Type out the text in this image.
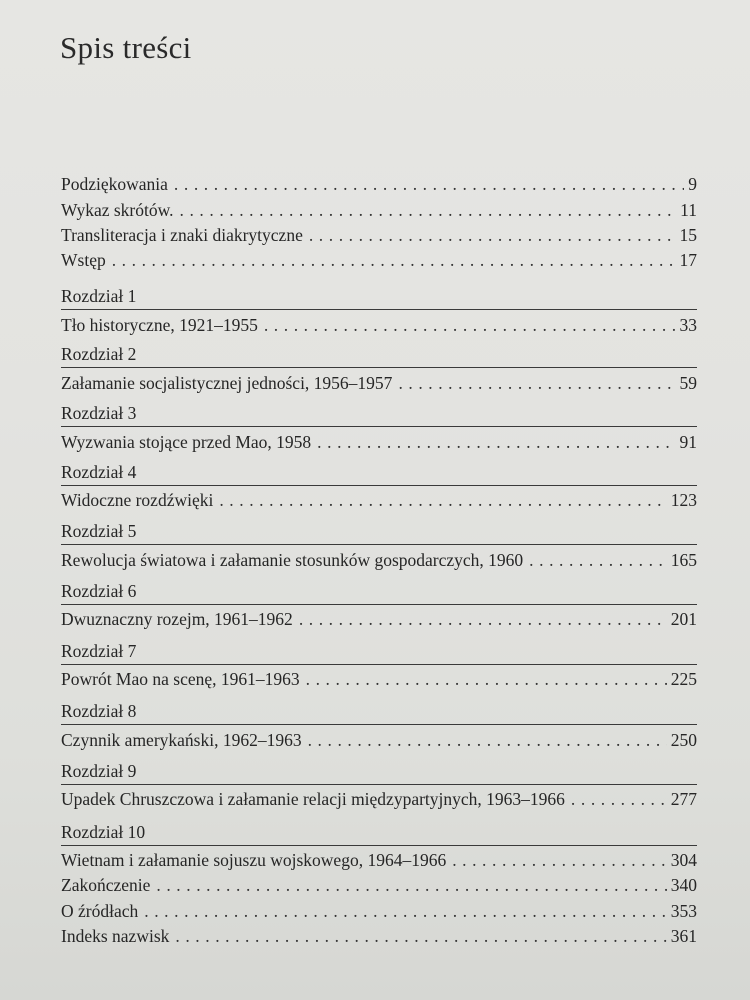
Spis treści
Podziękowania . . .	9
Wykaz skrótów. . . .	11
Transliteracja i znaki diakrytyczne . . .	15
Wstęp . . .	17
Rozdział 1
Tło historyczne, 1921–1955 . . .	33
Rozdział 2
Załamanie socjalistycznej jedności, 1956–1957 . . .	59
Rozdział 3
Wyzwania stojące przed Mao, 1958 . . .	91
Rozdział 4
Widoczne rozdźwięki . . .	123
Rozdział 5
Rewolucja światowa i załamanie stosunków gospodarczych, 1960 . . .	165
Rozdział 6
Dwuznaczny rozejm, 1961–1962 . . .	201
Rozdział 7
Powrót Mao na scenę, 1961–1963 . . .	225
Rozdział 8
Czynnik amerykański, 1962–1963 . . .	250
Rozdział 9
Upadek Chruszczowa i załamanie relacji międzypartyjnych, 1963–1966 . . .	277
Rozdział 10
Wietnam i załamanie sojuszu wojskowego, 1964–1966 . . .	304
Zakończenie . . .	340
O źródłach . . .	353
Indeks nazwisk . . .	361
